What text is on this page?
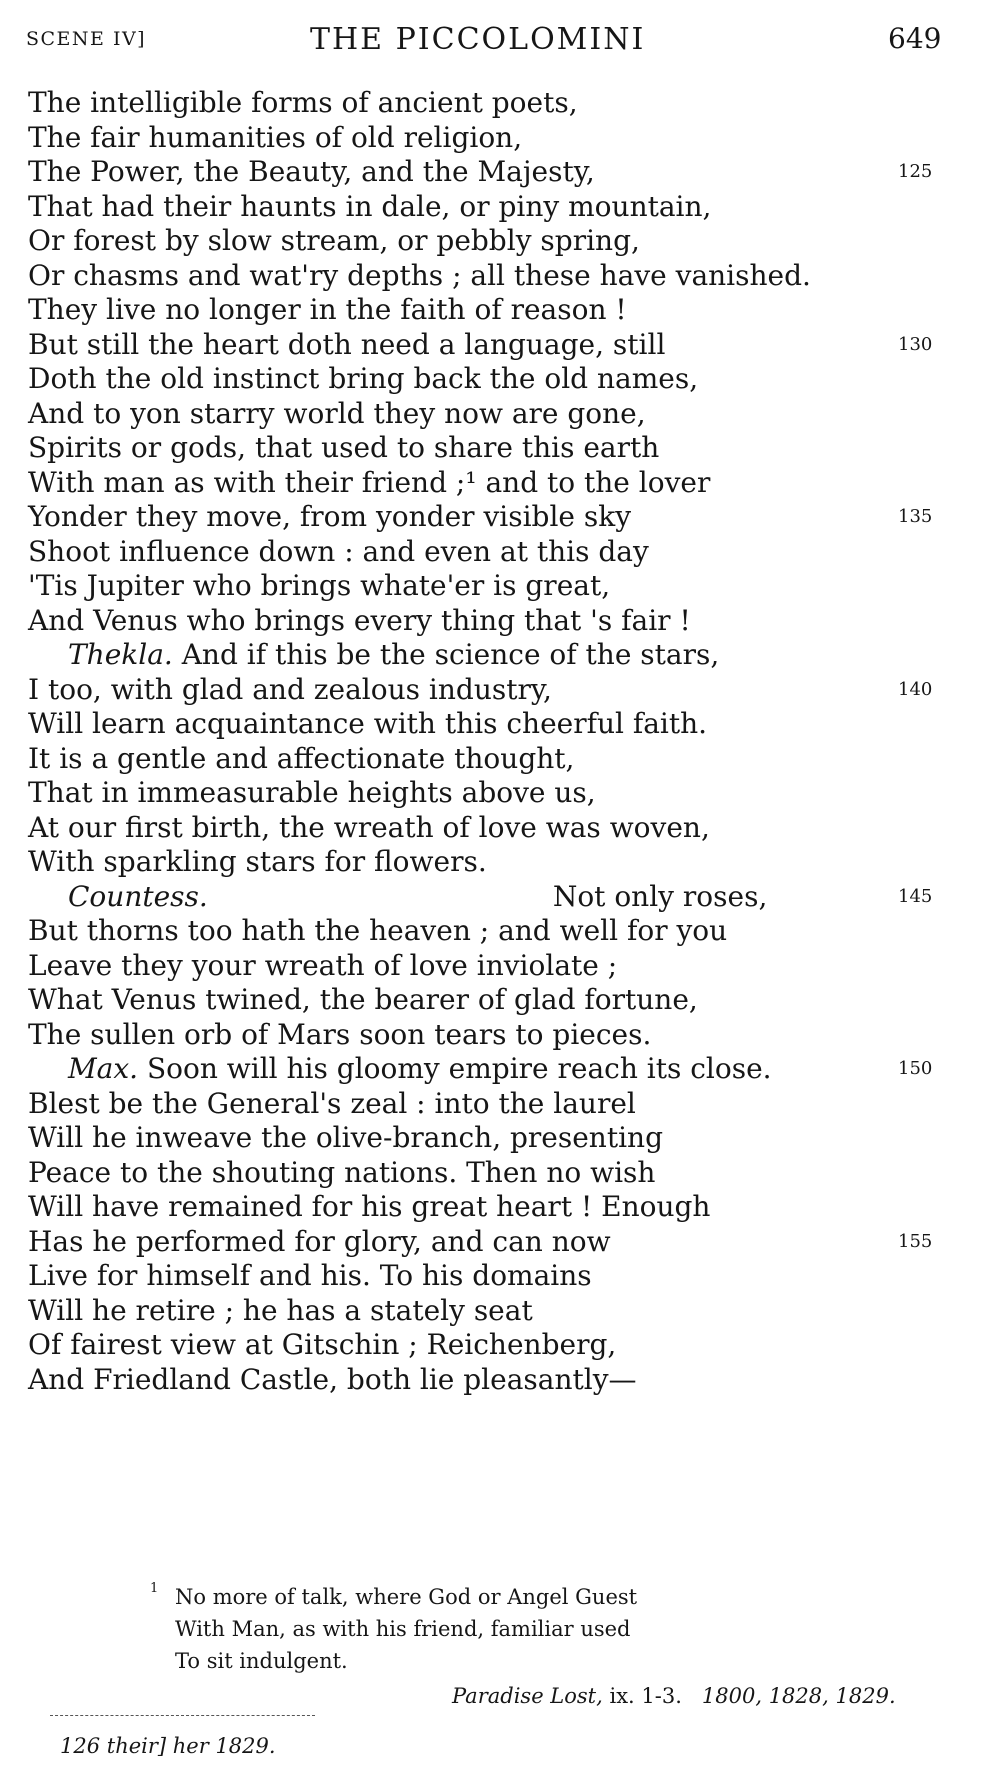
SCENE IV]	THE PICCOLOMINI	649
The intelligible forms of ancient poets,
The fair humanities of old religion,
The Power, the Beauty, and the Majesty,	125
That had their haunts in dale, or piny mountain,
Or forest by slow stream, or pebbly spring,
Or chasms and wat'ry depths ; all these have vanished.
They live no longer in the faith of reason !
But still the heart doth need a language, still	130
Doth the old instinct bring back the old names,
And to yon starry world they now are gone,
Spirits or gods, that used to share this earth
With man as with their friend ;¹ and to the lover
Yonder they move, from yonder visible sky	135
Shoot influence down : and even at this day
'Tis Jupiter who brings whate'er is great,
And Venus who brings every thing that 's fair !
Thekla. And if this be the science of the stars,
I too, with glad and zealous industry,	140
Will learn acquaintance with this cheerful faith.
It is a gentle and affectionate thought,
That in immeasurable heights above us,
At our first birth, the wreath of love was woven,
With sparkling stars for flowers.
Countess.	Not only roses,	145
But thorns too hath the heaven ; and well for you
Leave they your wreath of love inviolate ;
What Venus twined, the bearer of glad fortune,
The sullen orb of Mars soon tears to pieces.
Max. Soon will his gloomy empire reach its close.	150
Blest be the General's zeal : into the laurel
Will he inweave the olive-branch, presenting
Peace to the shouting nations. Then no wish
Will have remained for his great heart ! Enough
Has he performed for glory, and can now	155
Live for himself and his. To his domains
Will he retire ; he has a stately seat
Of fairest view at Gitschin ; Reichenberg,
And Friedland Castle, both lie pleasantly—
1 No more of talk, where God or Angel Guest
With Man, as with his friend, familiar used
To sit indulgent.
Paradise Lost, ix. 1-3. 1800, 1828, 1829.
126 their] her 1829.
